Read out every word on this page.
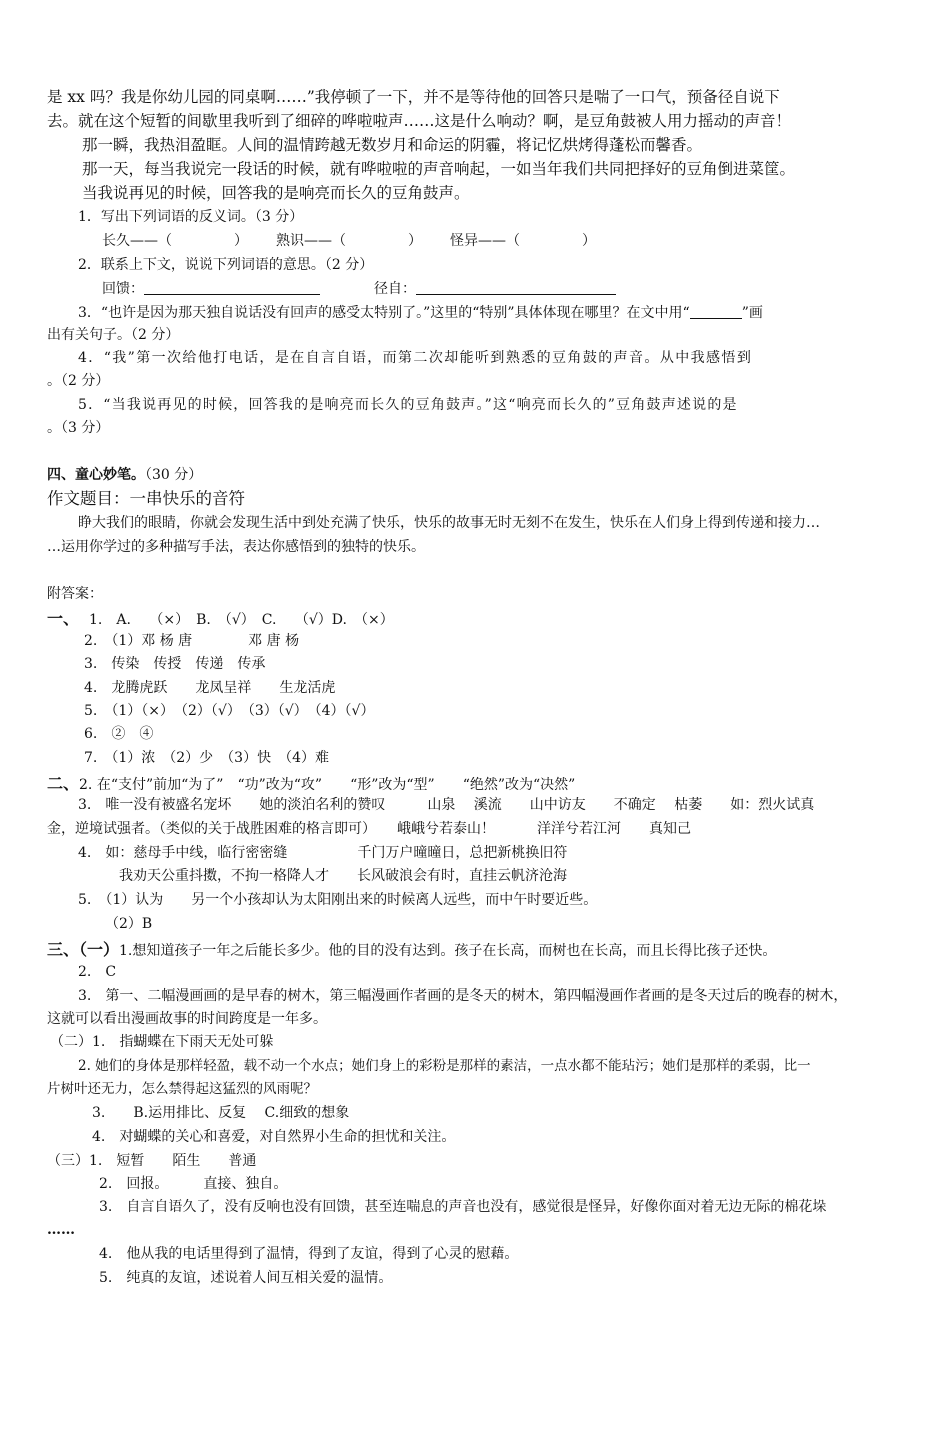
是 xx 吗？我是你幼儿园的同桌啊……”我停顿了一下，并不是等待他的回答只是喘了一口气，预备径自说下
去。就在这个短暂的间歇里我听到了细碎的哗啦啦声……这是什么响动？啊，是豆角鼓被人用力摇动的声音！
那一瞬，我热泪盈眶。人间的温情跨越无数岁月和命运的阴霾，将记忆烘烤得蓬松而馨香。
那一天，每当我说完一段话的时候，就有哗啦啦的声音响起，一如当年我们共同把择好的豆角倒进菜筐。
当我说再见的时候，回答我的是响亮而长久的豆角鼓声。
1．写出下列词语的反义词。（3 分）
长久——（	） 熟识——（	） 怪异——（	）
2．联系上下文，说说下列词语的意思。（2 分）
回馈：	径自：
3．“也许是因为那天独自说话没有回声的感受太特别了。”这里的“特别”具体体现在哪里？在文中用“	”画
出有关句子。（2 分）
4．“我”第一次给他打电话，是在自言自语，而第二次却能听到熟悉的豆角鼓的声音。从中我感悟到
。（2 分）
5．“当我说再见的时候，回答我的是响亮而长久的豆角鼓声。”这“响亮而长久的”豆角鼓声述说的是
。（3 分）
四、童心妙笔。（30 分）
作文题目：一串快乐的音符
睁大我们的眼睛，你就会发现生活中到处充满了快乐，快乐的故事无时无刻不在发生，快乐在人们身上得到传递和接力…
…运用你学过的多种描写手法，表达你感悟到的独特的快乐。
附答案：
一、 1.　A.　 （×）　B.　（√）　C.　 （√）D.　（×）
2.　（1）邓 杨 唐　　　　邓 唐 杨
3.　传染　传授　传递　传承
4.　龙腾虎跃　　龙凤呈祥　　生龙活虎
5.　（1）（×）　（2）（√）　（3）（√）　（4）（√）
6.　②　④
7.　（1）浓　（2）少　（3）快　（4）难
二、2. 在“支付”前加“为了”　“功”改为“攻”　　“形”改为“型”　　“绝然”改为“决然”
3.　唯一没有被盛名宠坏　　她的淡泊名利的赞叹　　　山泉　 溪流　　山中访友　　不确定　 枯萎　　如：烈火试真
金，逆境试强者。（类似的关于战胜困难的格言即可）　　峨峨兮若泰山！　　　洋洋兮若江河　　真知己
4.　如：慈母手中线，临行密密缝　　　　　千门万户曈曈日，总把新桃换旧符
我劝天公重抖擞，不拘一格降人才　　长风破浪会有时，直挂云帆济沧海
5.　（1）认为　　另一个小孩却认为太阳刚出来的时候离人远些，而中午时要近些。
（2）B
三、（一）1.想知道孩子一年之后能长多少。他的目的没有达到。孩子在长高，而树也在长高，而且长得比孩子还快。
2.　C
3.　第一、二幅漫画画的是早春的树木，第三幅漫画作者画的是冬天的树木，第四幅漫画作者画的是冬天过后的晚春的树木，
这就可以看出漫画故事的时间跨度是一年多。
（二）1.　指蝴蝶在下雨天无处可躲
2. 她们的身体是那样轻盈，载不动一个水点；她们身上的彩粉是那样的素洁，一点水都不能玷污；她们是那样的柔弱，比一
片树叶还无力，怎么禁得起这猛烈的风雨呢？
3.　　B.运用排比、反复　 C.细致的想象
4.　对蝴蝶的关心和喜爱，对自然界小生命的担忧和关注。
（三）1.　短暂　　陌生　　普通
2.　回报。　　　直接、独自。
3.　自言自语久了，没有反响也没有回馈，甚至连喘息的声音也没有，感觉很是怪异，好像你面对着无边无际的棉花垛
……
4.　他从我的电话里得到了温情，得到了友谊，得到了心灵的慰藉。
5.　纯真的友谊，述说着人间互相关爱的温情。
